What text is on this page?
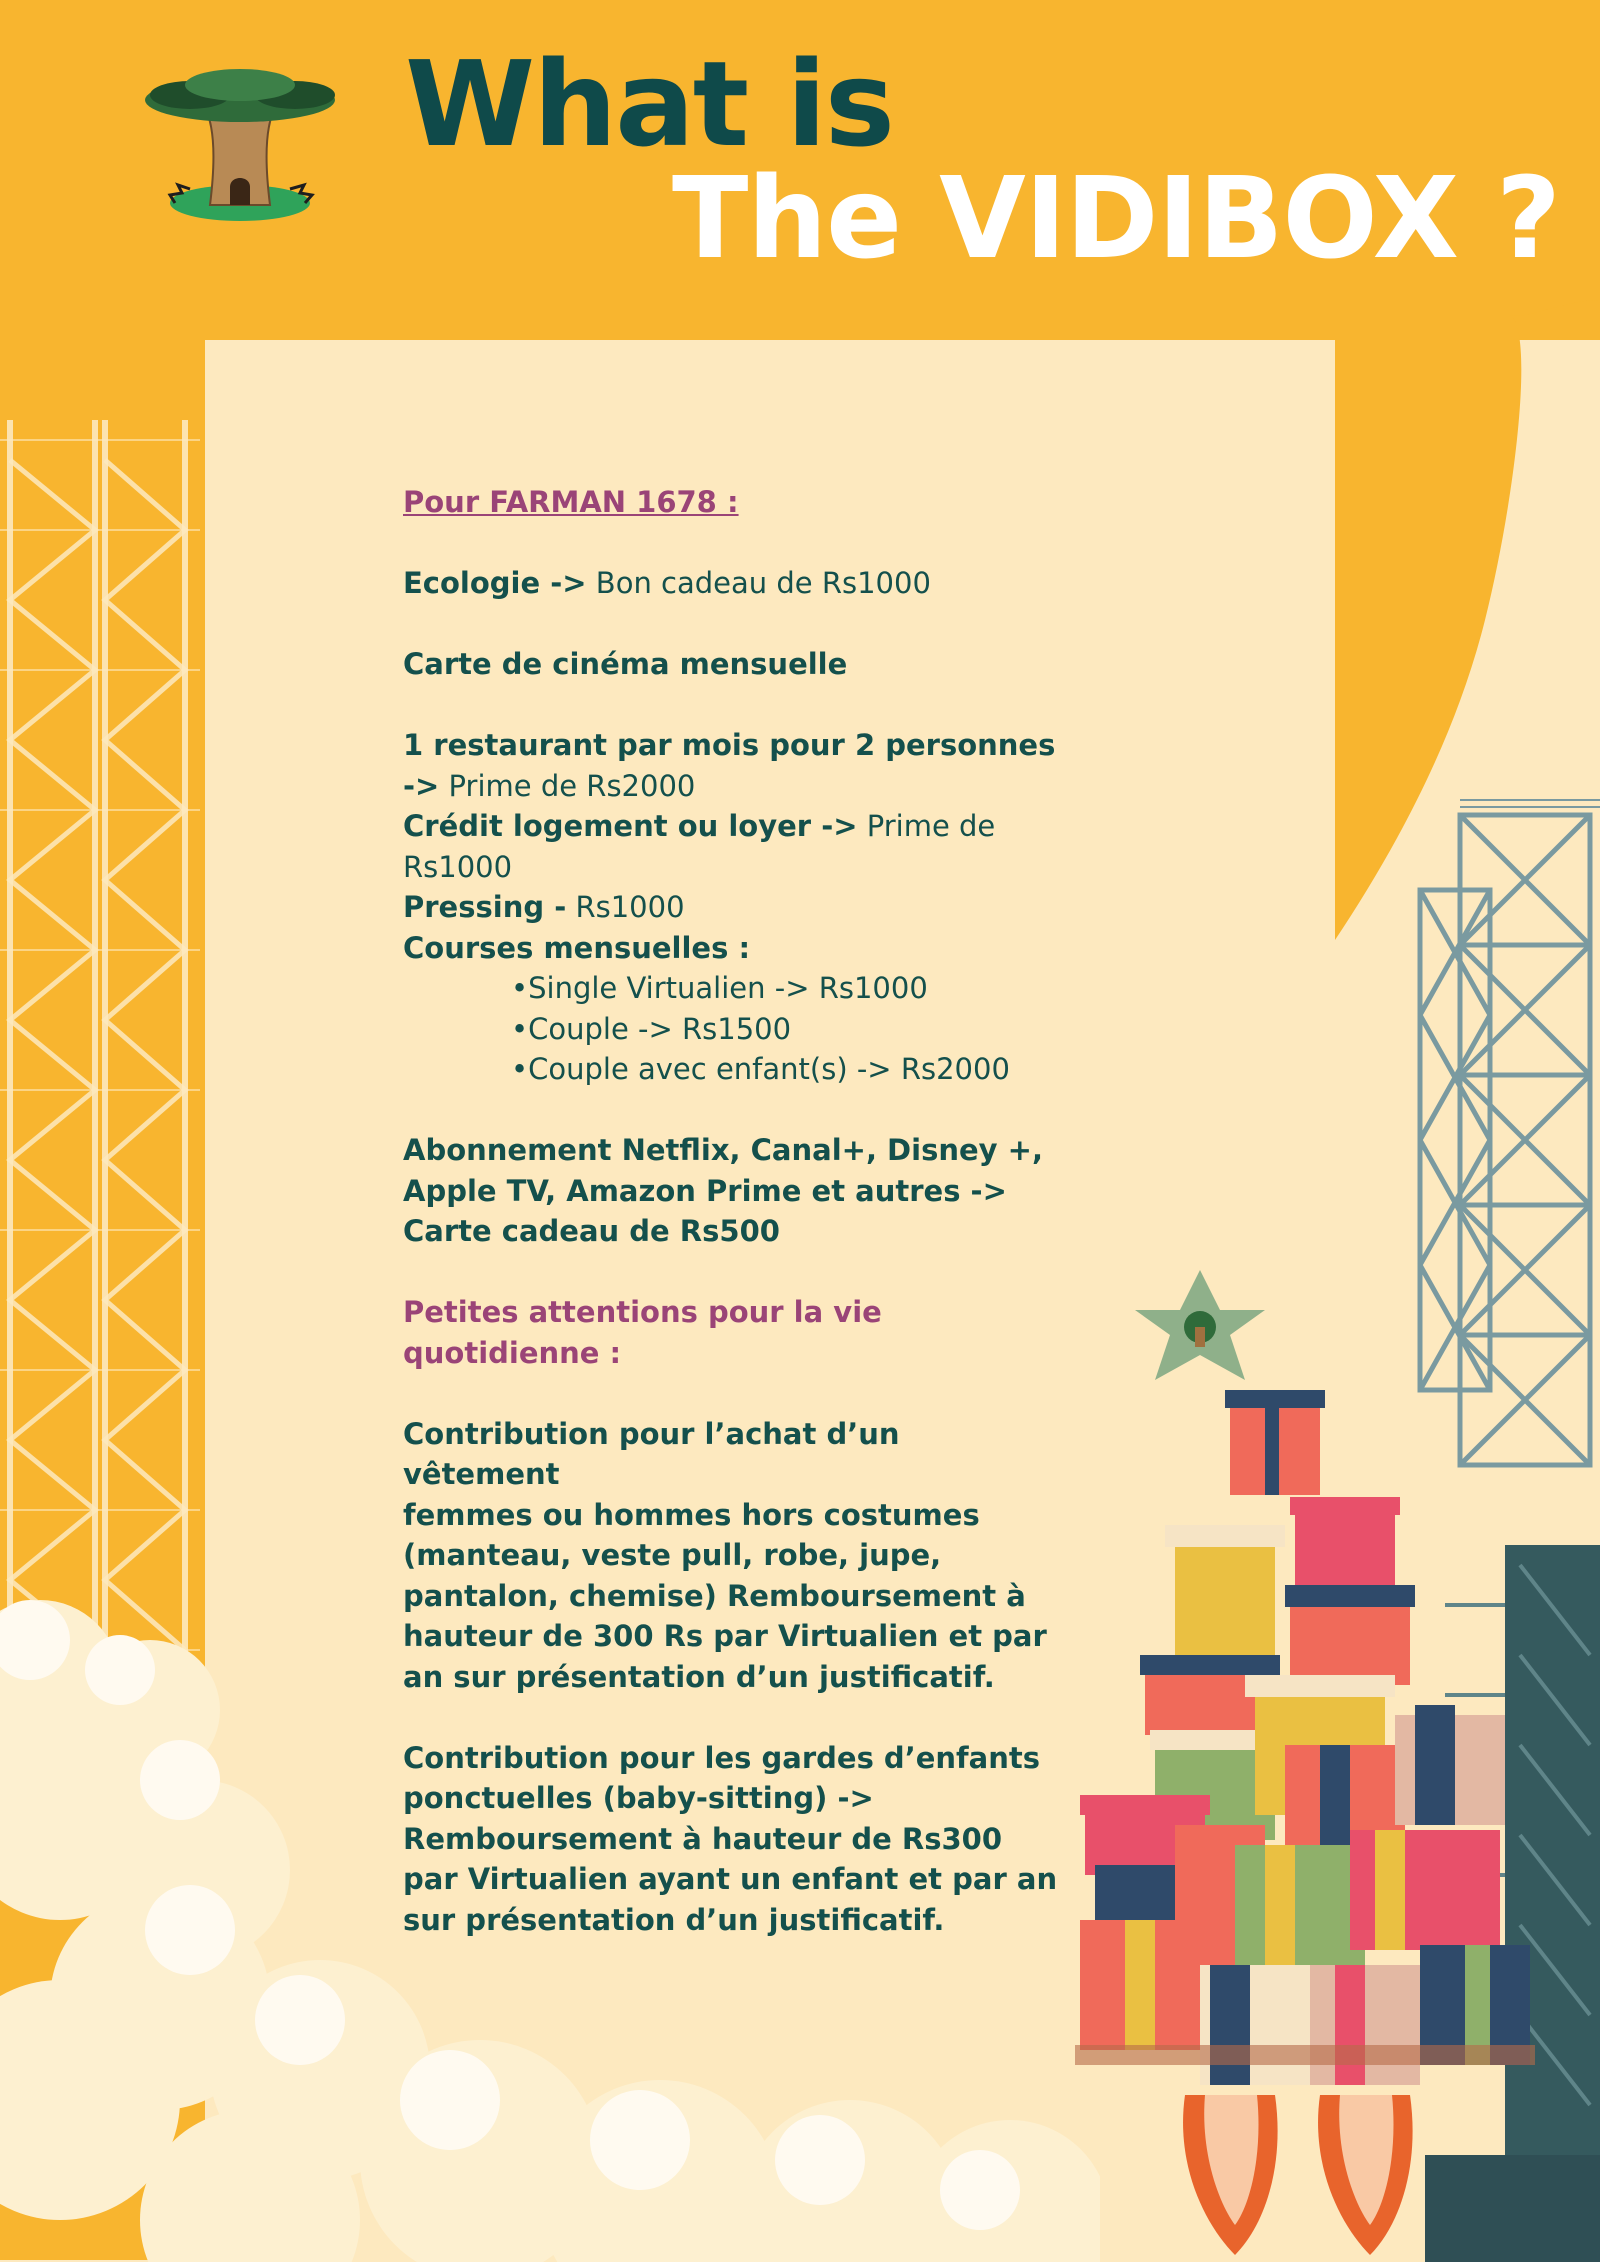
What is
The VIDIBOX ?

Pour FARMAN 1678 :

Ecologie -> Bon cadeau de Rs1000

Carte de cinéma mensuelle

1 restaurant par mois pour 2 personnes

-> Prime de Rs2000

Crédit logement ou loyer -> Prime de

Rs1000

Pressing - Rs1000

Courses mensuelles :

•Single Virtualien -> Rs1000

•Couple -> Rs1500

•Couple avec enfant(s) -> Rs2000

Abonnement Netflix, Canal+, Disney +,

Apple TV, Amazon Prime et autres ->

Carte cadeau de Rs500

Petites attentions pour la vie

quotidienne :

Contribution pour l’achat d’un vêtement

femmes ou hommes hors costumes

(manteau, veste pull, robe, jupe,

pantalon, chemise) Remboursement à

hauteur de 300 Rs par Virtualien et par

an sur présentation d’un justificatif.

Contribution pour les gardes d’enfants

ponctuelles (baby-sitting) ->

Remboursement à hauteur de Rs300

par Virtualien ayant un enfant et par an

sur présentation d’un justificatif.
